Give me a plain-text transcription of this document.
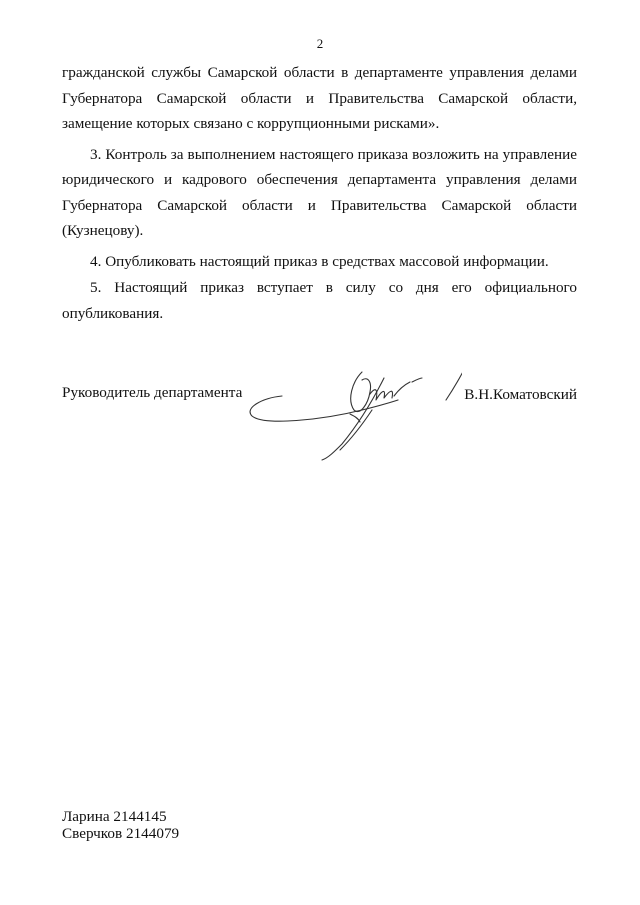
2

гражданской службы Самарской области в департаменте управления делами Губернатора Самарской области и Правительства Самарской области, замещение которых связано с коррупционными рисками».

3. Контроль за выполнением настоящего приказа возложить на управление юридического и кадрового обеспечения департамента управления делами Губернатора Самарской области и Правительства Самарской области (Кузнецову).

4. Опубликовать настоящий приказ в средствах массовой информации.

5. Настоящий приказ вступает в силу со дня его официального опубликования.

Руководитель департамента	В.Н.Коматовский
Ларина 2144145
Сверчков 2144079
